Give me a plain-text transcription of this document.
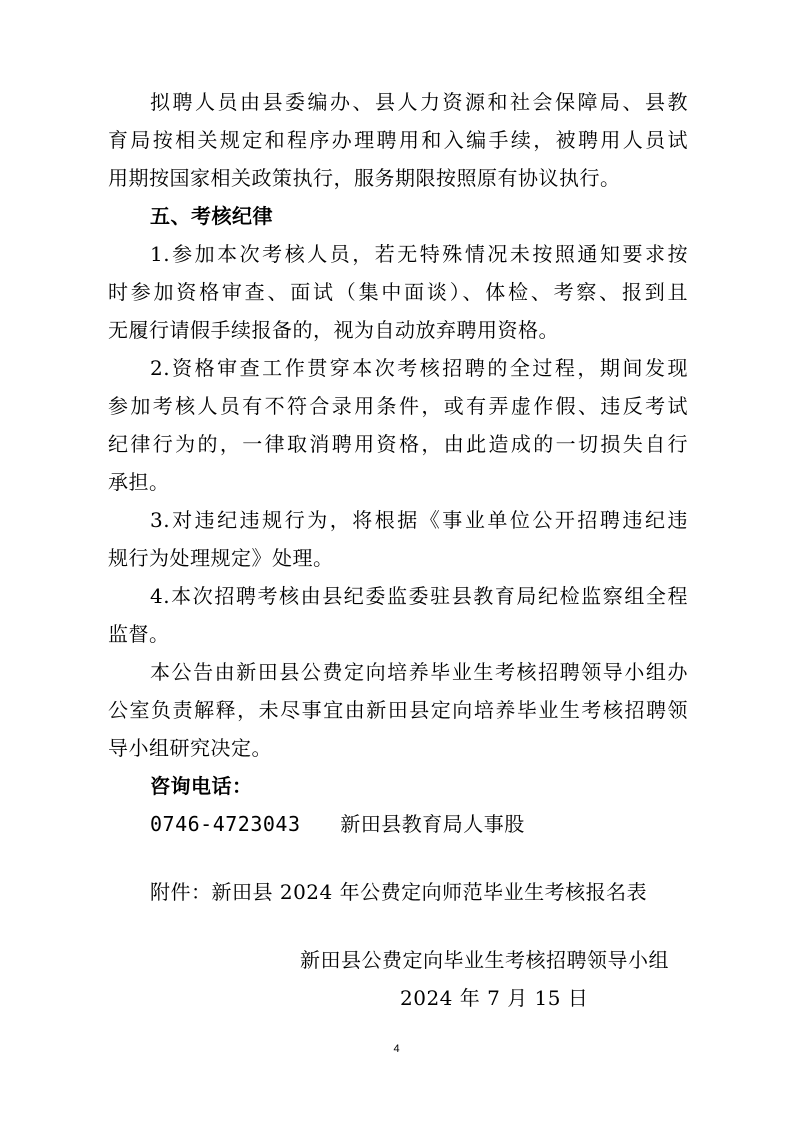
拟聘人员由县委编办、县人力资源和社会保障局、县教
育局按相关规定和程序办理聘用和入编手续，被聘用人员试
用期按国家相关政策执行，服务期限按照原有协议执行。
五、考核纪律
1.参加本次考核人员，若无特殊情况未按照通知要求按
时参加资格审查、面试（集中面谈）、体检、考察、报到且
无履行请假手续报备的，视为自动放弃聘用资格。
2.资格审查工作贯穿本次考核招聘的全过程，期间发现
参加考核人员有不符合录用条件，或有弄虚作假、违反考试
纪律行为的，一律取消聘用资格，由此造成的一切损失自行
承担。
3.对违纪违规行为，将根据《事业单位公开招聘违纪违
规行为处理规定》处理。
4.本次招聘考核由县纪委监委驻县教育局纪检监察组全程
监督。
本公告由新田县公费定向培养毕业生考核招聘领导小组办
公室负责解释，未尽事宜由新田县定向培养毕业生考核招聘领
导小组研究决定。
咨询电话：
0746-4723043 新田县教育局人事股
附件：新田县 2024 年公费定向师范毕业生考核报名表
新田县公费定向毕业生考核招聘领导小组
2024 年 7 月 15 日
4
